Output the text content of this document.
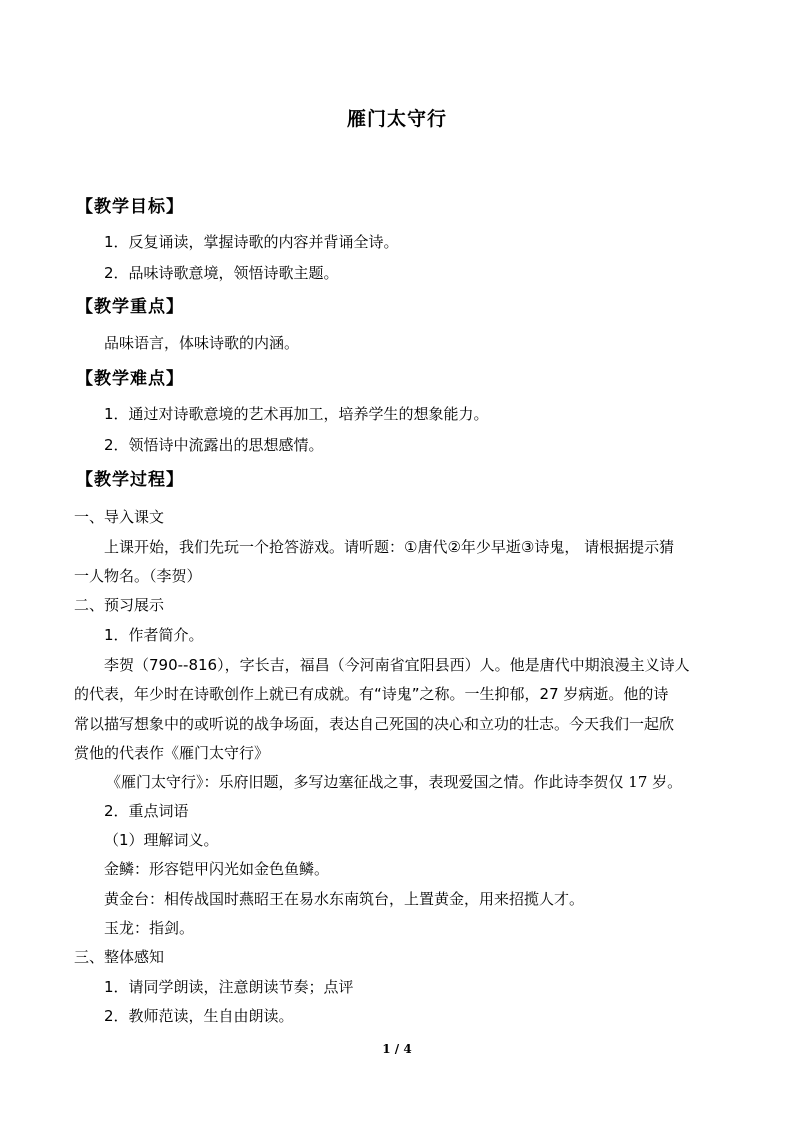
雁门太守行
【教学目标】
1．反复诵读，掌握诗歌的内容并背诵全诗。
2．品味诗歌意境，领悟诗歌主题。
【教学重点】
品味语言，体味诗歌的内涵。
【教学难点】
1．通过对诗歌意境的艺术再加工，培养学生的想象能力。
2．领悟诗中流露出的思想感情。
【教学过程】
一、导入课文
上课开始，我们先玩一个抢答游戏。请听题：①唐代②年少早逝③诗鬼， 请根据提示猜
一人物名。（李贺）
二、预习展示
1．作者简介。
李贺（790--816），字长吉，福昌（今河南省宜阳县西）人。他是唐代中期浪漫主义诗人
的代表，年少时在诗歌创作上就已有成就。有“诗鬼”之称。一生抑郁，27 岁病逝。他的诗
常以描写想象中的或听说的战争场面，表达自己死国的决心和立功的壮志。今天我们一起欣
赏他的代表作《雁门太守行》
《雁门太守行》：乐府旧题，多写边塞征战之事，表现爱国之情。作此诗李贺仅 17 岁。
2．重点词语
（1）理解词义。
金鳞：形容铠甲闪光如金色鱼鳞。
黄金台：相传战国时燕昭王在易水东南筑台，上置黄金，用来招揽人才。
玉龙：指剑。
三、整体感知
1．请同学朗读，注意朗读节奏；点评
2．教师范读，生自由朗读。
1 / 4
